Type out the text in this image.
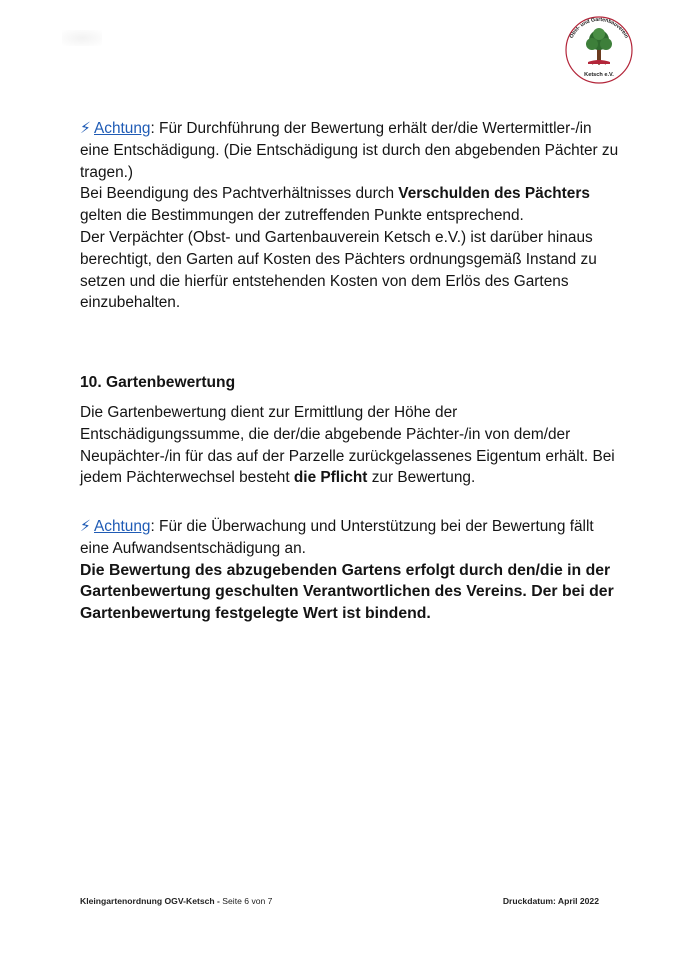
Obst- und Gartenbauverein
Ketsch e.V.

⚡ Achtung: Für Durchführung der Bewertung erhält der/die Wertermittler-/in eine Entschädigung. (Die Entschädigung ist durch den abgebenden Pächter zu tragen.)

Bei Beendigung des Pachtverhältnisses durch Verschulden des Pächters gelten die Bestimmungen der zutreffenden Punkte entsprechend.

Der Verpächter (Obst- und Gartenbauverein Ketsch e.V.) ist darüber hinaus berechtigt, den Garten auf Kosten des Pächters ordnungsgemäß Instand zu setzen und die hierfür entstehenden Kosten von dem Erlös des Gartens einzubehalten.

10. Gartenbewertung

Die Gartenbewertung dient zur Ermittlung der Höhe der Entschädigungssumme, die der/die abgebende Pächter-/in von dem/der Neupächter-/in für das auf der Parzelle zurückgelassenes Eigentum erhält. Bei jedem Pächterwechsel besteht die Pflicht zur Bewertung.

⚡ Achtung: Für die Überwachung und Unterstützung bei der Bewertung fällt eine Aufwandsentschädigung an.

Die Bewertung des abzugebenden Gartens erfolgt durch den/die in der Gartenbewertung geschulten Verantwortlichen des Vereins. Der bei der Gartenbewertung festgelegte Wert ist bindend.

Kleingartenordnung OGV-Ketsch - Seite 6 von 7	Druckdatum: April 2022
